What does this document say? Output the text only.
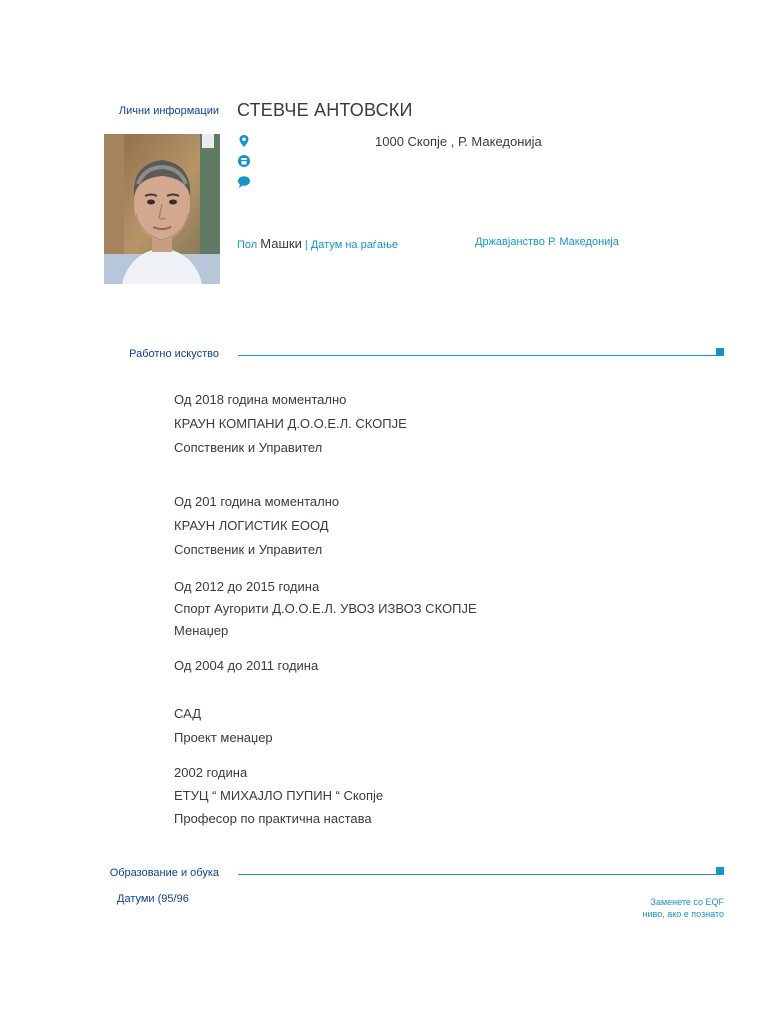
Лични информации СТЕВЧЕ АНТОВСКИ
1000 Скопје , Р. Македонија
Пол Машки | Датум на раѓање	Државјанство Р. Македонија
Работно искуство
Од 2018 година моментално
КРАУН КОМПАНИ Д.О.О.Е.Л. СКОПЈЕ
Сопственик и Управител
Од 201 година моментално
КРАУН ЛОГИСТИК ЕООД
Сопственик и Управител
Од 2012 до 2015 година
Спорт Аугорити Д.О.О.Е.Л. УВОЗ ИЗВОЗ СКОПЈЕ
Менаџер
Од 2004 до 2011 година
САД
Проект менаџер
2002 година
ЕТУЦ “ МИХАЈЛО ПУПИН “ Скопје
Професор по практична настава
Образование и обука
Датуми (95/96	Заменете со EQF
ниво, ако е познато
